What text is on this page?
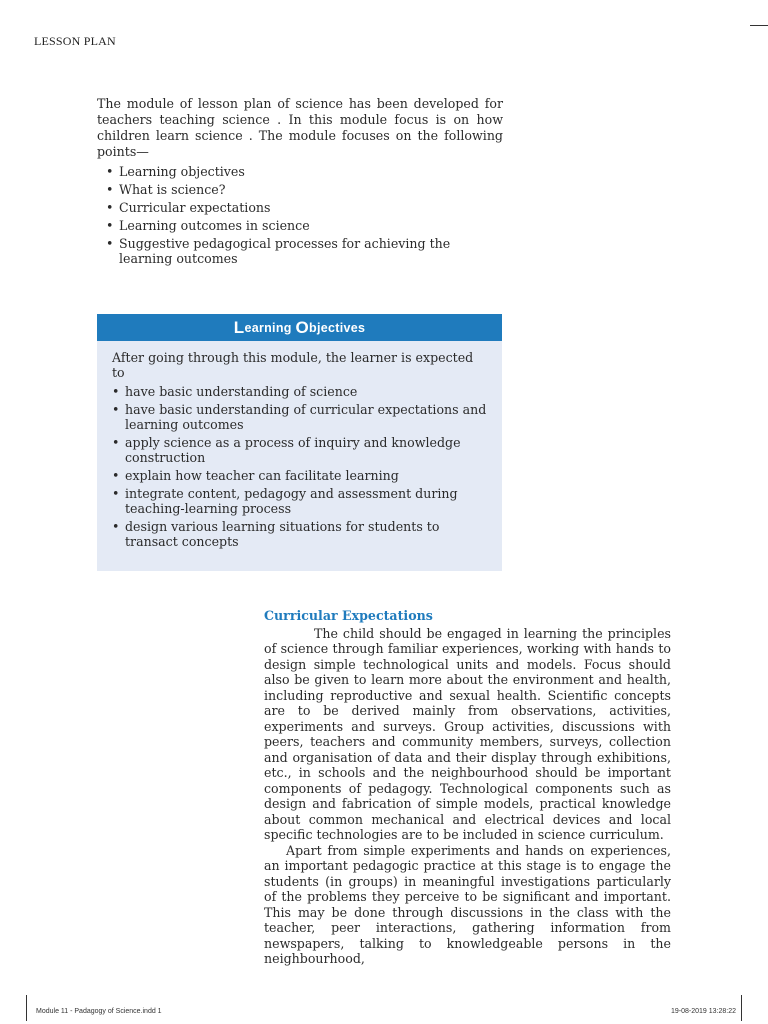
LESSON PLAN

The module of lesson plan of science has been developed for teachers teaching science . In this module focus is on how children learn science . The module focuses on the following points—

• Learning objectives
• What is science?
• Curricular expectations
• Learning outcomes in science
• Suggestive pedagogical processes for achieving the learning outcomes
L earning O bjectives

After going through this module, the learner is expected to

• have basic understanding of science
• have basic understanding of curricular expectations and learning outcomes
• apply science as a process of inquiry and knowledge construction
• explain how teacher can facilitate learning
• integrate content, pedagogy and assessment during teaching-learning process
• design various learning situations for students to transact concepts
Curricular Expectations

The child should be engaged in learning the principles of science through familiar experiences, working with hands to design simple technological units and models. Focus should also be given to learn more about the environment and health, including reproductive and sexual health. Scientific concepts are to be derived mainly from observations, activities, experiments and surveys. Group activities, discussions with peers, teachers and community members, surveys, collection and organisation of data and their display through exhibitions, etc., in schools and the neighbourhood should be important components of pedagogy. Technological components such as design and fabrication of simple models, practical knowledge about common mechanical and electrical devices and local specific technologies are to be included in science curriculum.

Apart from simple experiments and hands on experiences, an important pedagogic practice at this stage is to engage the students (in groups) in meaningful investigations particularly of the problems they perceive to be significant and important. This may be done through discussions in the class with the teacher, peer interactions, gathering information from newspapers, talking to knowledgeable persons in the neighbourhood,

Module 11 - Padagogy of Science.indd 1	19-08-2019 13:28:22
